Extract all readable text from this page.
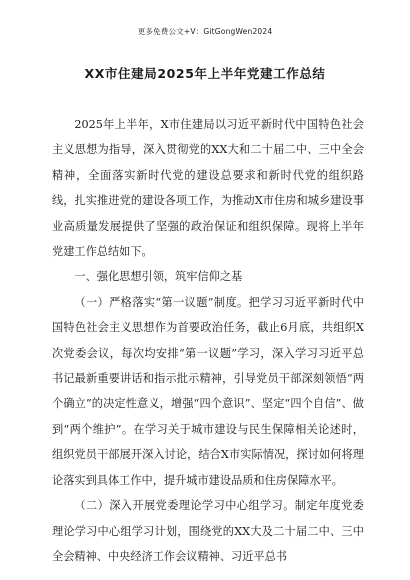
更多免费公文+V：GitGongWen2024
XX市住建局2025年上半年党建工作总结

2025年上半年，X市住建局以习近平新时代中国特色社会主义思想为指导，深入贯彻党的XX大和二十届二中、三中全会精神，全面落实新时代党的建设总要求和新时代党的组织路线，扎实推进党的建设各项工作，为推动X市住房和城乡建设事业高质量发展提供了坚强的政治保证和组织保障。现将上半年党建工作总结如下。

一、强化思想引领，筑牢信仰之基

（一）严格落实“第一议题”制度。把学习习近平新时代中国特色社会主义思想作为首要政治任务，截止6月底，共组织X次党委会议，每次均安排“第一议题”学习，深入学习习近平总书记最新重要讲话和指示批示精神，引导党员干部深刻领悟“两个确立”的决定性意义，增强“四个意识”、坚定“四个自信”、做到“两个维护”。在学习关于城市建设与民生保障相关论述时，组织党员干部展开深入讨论，结合X市实际情况，探讨如何将理论落实到具体工作中，提升城市建设品质和住房保障水平。

（二）深入开展党委理论学习中心组学习。制定年度党委理论学习中心组学习计划，围绕党的XX大及二十届二中、三中全会精神、中央经济工作会议精神、习近平总书
